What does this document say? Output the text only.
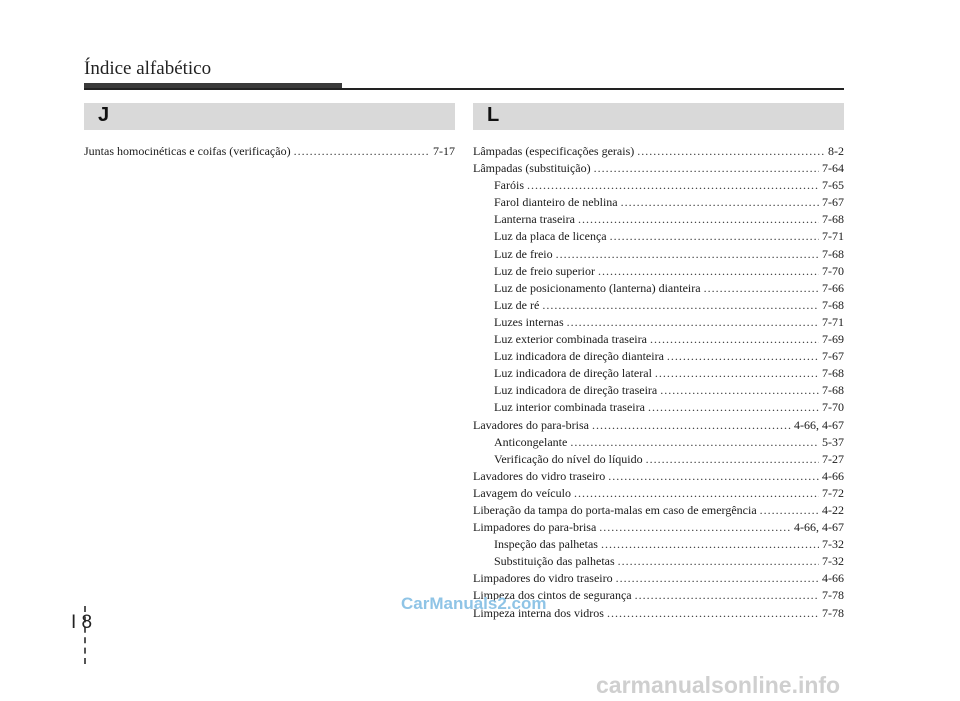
Índice alfabético
J
Juntas homocinéticas e coifas (verificação) .....	7-17
L
Lâmpadas (especificações gerais) .....	8-2
Lâmpadas (substituição) .....	7-64
Faróis .....	7-65
Farol dianteiro de neblina .....	7-67
Lanterna traseira .....	7-68
Luz da placa de licença .....	7-71
Luz de freio .....	7-68
Luz de freio superior .....	7-70
Luz de posicionamento (lanterna) dianteira .....	7-66
Luz de ré .....	7-68
Luzes internas .....	7-71
Luz exterior combinada traseira .....	7-69
Luz indicadora de direção dianteira .....	7-67
Luz indicadora de direção lateral .....	7-68
Luz indicadora de direção traseira .....	7-68
Luz interior combinada traseira .....	7-70
Lavadores do para-brisa .....	4-66, 4-67
Anticongelante .....	5-37
Verificação do nível do líquido .....	7-27
Lavadores do vidro traseiro .....	4-66
Lavagem do veículo .....	7-72
Liberação da tampa do porta-malas em caso de emergência .....	4-22
Limpadores do para-brisa .....	4-66, 4-67
Inspeção das palhetas .....	7-32
Substituição das palhetas .....	7-32
Limpadores do vidro traseiro .....	4-66
Limpeza dos cintos de segurança .....	7-78
Limpeza interna dos vidros .....	7-78
I 8
CarManuals2.com
carmanualsonline.info
